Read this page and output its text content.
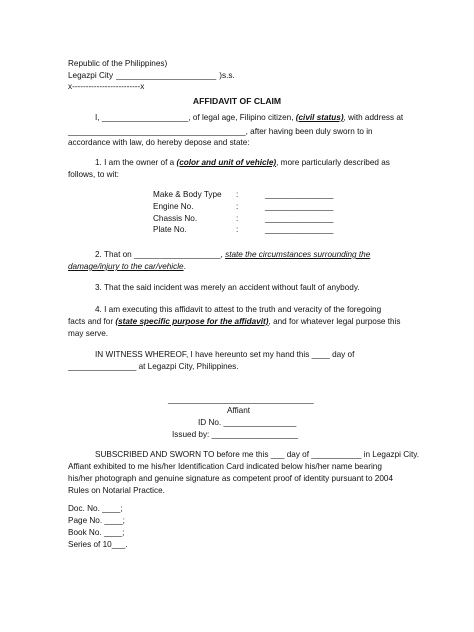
Republic of the Philippines)
Legazpi City ______________________ )s.s.
x-------------------------x
AFFIDAVIT OF CLAIM
I, ___________________, of legal age, Filipino citizen, (civil status), with address at
_______________________________________, after having been duly sworn to in
accordance with law, do hereby depose and state:
1. I am the owner of a (color and unit of vehicle), more particularly described as
follows, to wit:
Make & Body Type :	_______________
Engine No.	:	_______________
Chassis No.	:	_______________
Plate No.	:	_______________
2. That on ___________________, state the circumstances surrounding the
damage/injury to the car/vehicle.
3. That the said incident was merely an accident without fault of anybody.
4. I am executing this affidavit to attest to the truth and veracity of the foregoing
facts and for (state specific purpose for the affidavit), and for whatever legal purpose this
may serve.
IN WITNESS WHEREOF, I have hereunto set my hand this ____ day of
_______________ at Legazpi City, Philippines.
________________________________
Affiant
ID No. ________________
Issued by: ___________________
SUBSCRIBED AND SWORN TO before me this ___ day of ___________ in Legazpi City.
Affiant exhibited to me his/her Identification Card indicated below his/her name bearing
his/her photograph and genuine signature as competent proof of identity pursuant to 2004
Rules on Notarial Practice.
Doc. No. ____;
Page No. ____;
Book No. ____;
Series of 10___.
